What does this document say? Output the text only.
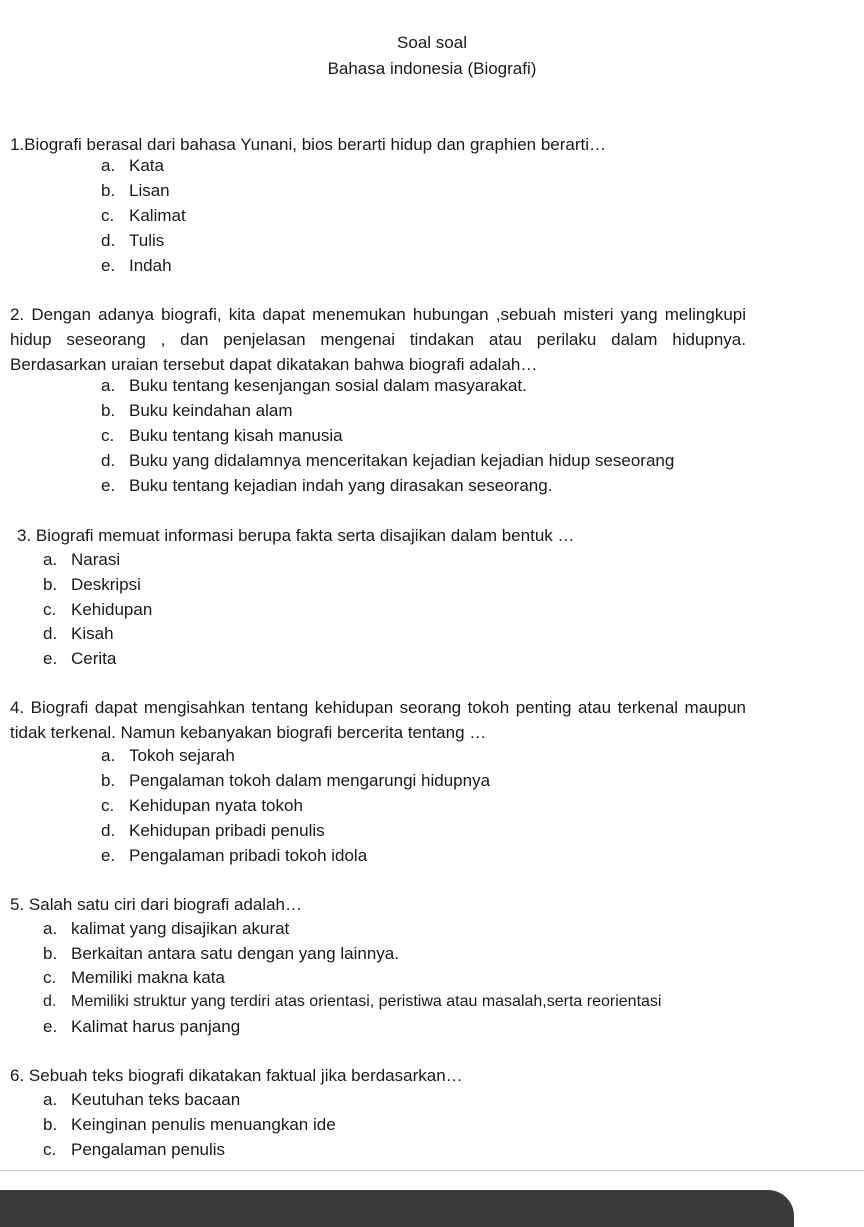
Soal soal
Bahasa indonesia (Biografi)

1.Biografi berasal dari bahasa Yunani, bios berarti hidup dan graphien berarti…

a. Kata
b. Lisan
c. Kalimat
d. Tulis
e. Indah

2. Dengan adanya biografi, kita dapat menemukan hubungan ,sebuah misteri yang melingkupi hidup seseorang , dan penjelasan mengenai tindakan atau perilaku dalam hidupnya. Berdasarkan uraian tersebut dapat dikatakan bahwa biografi adalah…

a. Buku tentang kesenjangan sosial dalam masyarakat.
b. Buku keindahan alam
c. Buku tentang kisah manusia
d. Buku yang didalamnya menceritakan kejadian kejadian hidup seseorang
e. Buku tentang kejadian indah yang dirasakan seseorang.

3. Biografi memuat informasi berupa fakta serta disajikan dalam bentuk …

a. Narasi
b. Deskripsi
c. Kehidupan
d. Kisah
e. Cerita

4. Biografi dapat mengisahkan tentang kehidupan seorang tokoh penting atau terkenal maupun tidak terkenal. Namun kebanyakan biografi bercerita tentang …

a. Tokoh sejarah
b. Pengalaman tokoh dalam mengarungi hidupnya
c. Kehidupan nyata tokoh
d. Kehidupan pribadi penulis
e. Pengalaman pribadi tokoh idola

5. Salah satu ciri dari biografi adalah…

a. kalimat yang disajikan akurat
b. Berkaitan antara satu dengan yang lainnya.
c. Memiliki makna kata
d. Memiliki struktur yang terdiri atas orientasi, peristiwa atau masalah,serta reorientasi
e. Kalimat harus panjang

6. Sebuah teks biografi dikatakan faktual jika berdasarkan…

a. Keutuhan teks bacaan
b. Keinginan penulis menuangkan ide
c. Pengalaman penulis
